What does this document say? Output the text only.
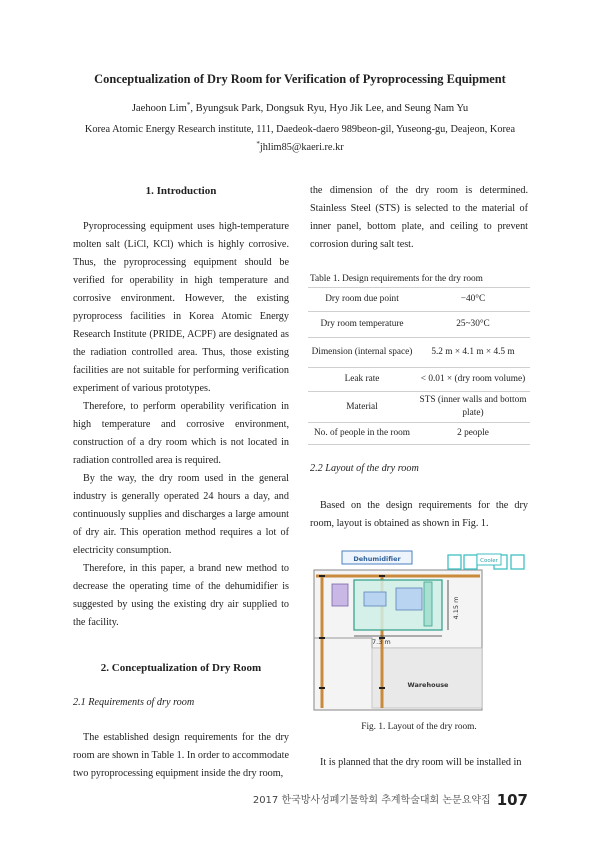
Conceptualization of Dry Room for Verification of Pyroprocessing Equipment
Jaehoon Lim*, Byungsuk Park, Dongsuk Ryu, Hyo Jik Lee, and Seung Nam Yu
Korea Atomic Energy Research institute, 111, Daedeok-daero 989beon-gil, Yuseong-gu, Deajeon, Korea
*jhlim85@kaeri.re.kr
1. Introduction

Pyroprocessing equipment uses high-temperature molten salt (LiCl, KCl) which is highly corrosive. Thus, the pyroprocessing equipment should be verified for operability in high temperature and corrosive environment. However, the existing pyroprocess facilities in Korea Atomic Energy Research Institute (PRIDE, ACPF) are designated as the radiation controlled area. Thus, those existing facilities are not suitable for performing verification experiment of various prototypes.

Therefore, to perform operability verification in high temperature and corrosive environment, construction of a dry room which is not located in radiation controlled area is required.

By the way, the dry room used in the general industry is generally operated 24 hours a day, and continuously supplies and discharges a large amount of dry air. This operation method requires a lot of electricity consumption.

Therefore, in this paper, a brand new method to decrease the operating time of the dehumidifier is suggested by using the existing dry air supplied to the facility.

2. Conceptualization of Dry Room
2.1 Requirements of dry room

The established design requirements for the dry room are shown in Table 1. In order to accommodate two pyroprocessing equipment inside the dry room,

the dimension of the dry room is determined. Stainless Steel (STS) is selected to the material of inner panel, bottom plate, and ceiling to prevent corrosion during salt test.

Table 1. Design requirements for the dry room
Dry room due point	−40°C
Dry room temperature	25~30°C
Dimension (internal space)	5.2 m × 4.1 m × 4.5 m
Leak rate	< 0.01 × (dry room volume)
Material	STS (inner walls and bottom plate)
No. of people in the room	2 people
2.2 Layout of the dry room

Based on the design requirements for the dry room, layout is obtained as shown in Fig. 1.

Dehumidifier	Cooler
7.3 m
4.15 m
Warehouse
Fig. 1. Layout of the dry room.

It is planned that the dry room will be installed in

2017 한국방사성폐기물학회 추계학술대회 논문요약집 107
